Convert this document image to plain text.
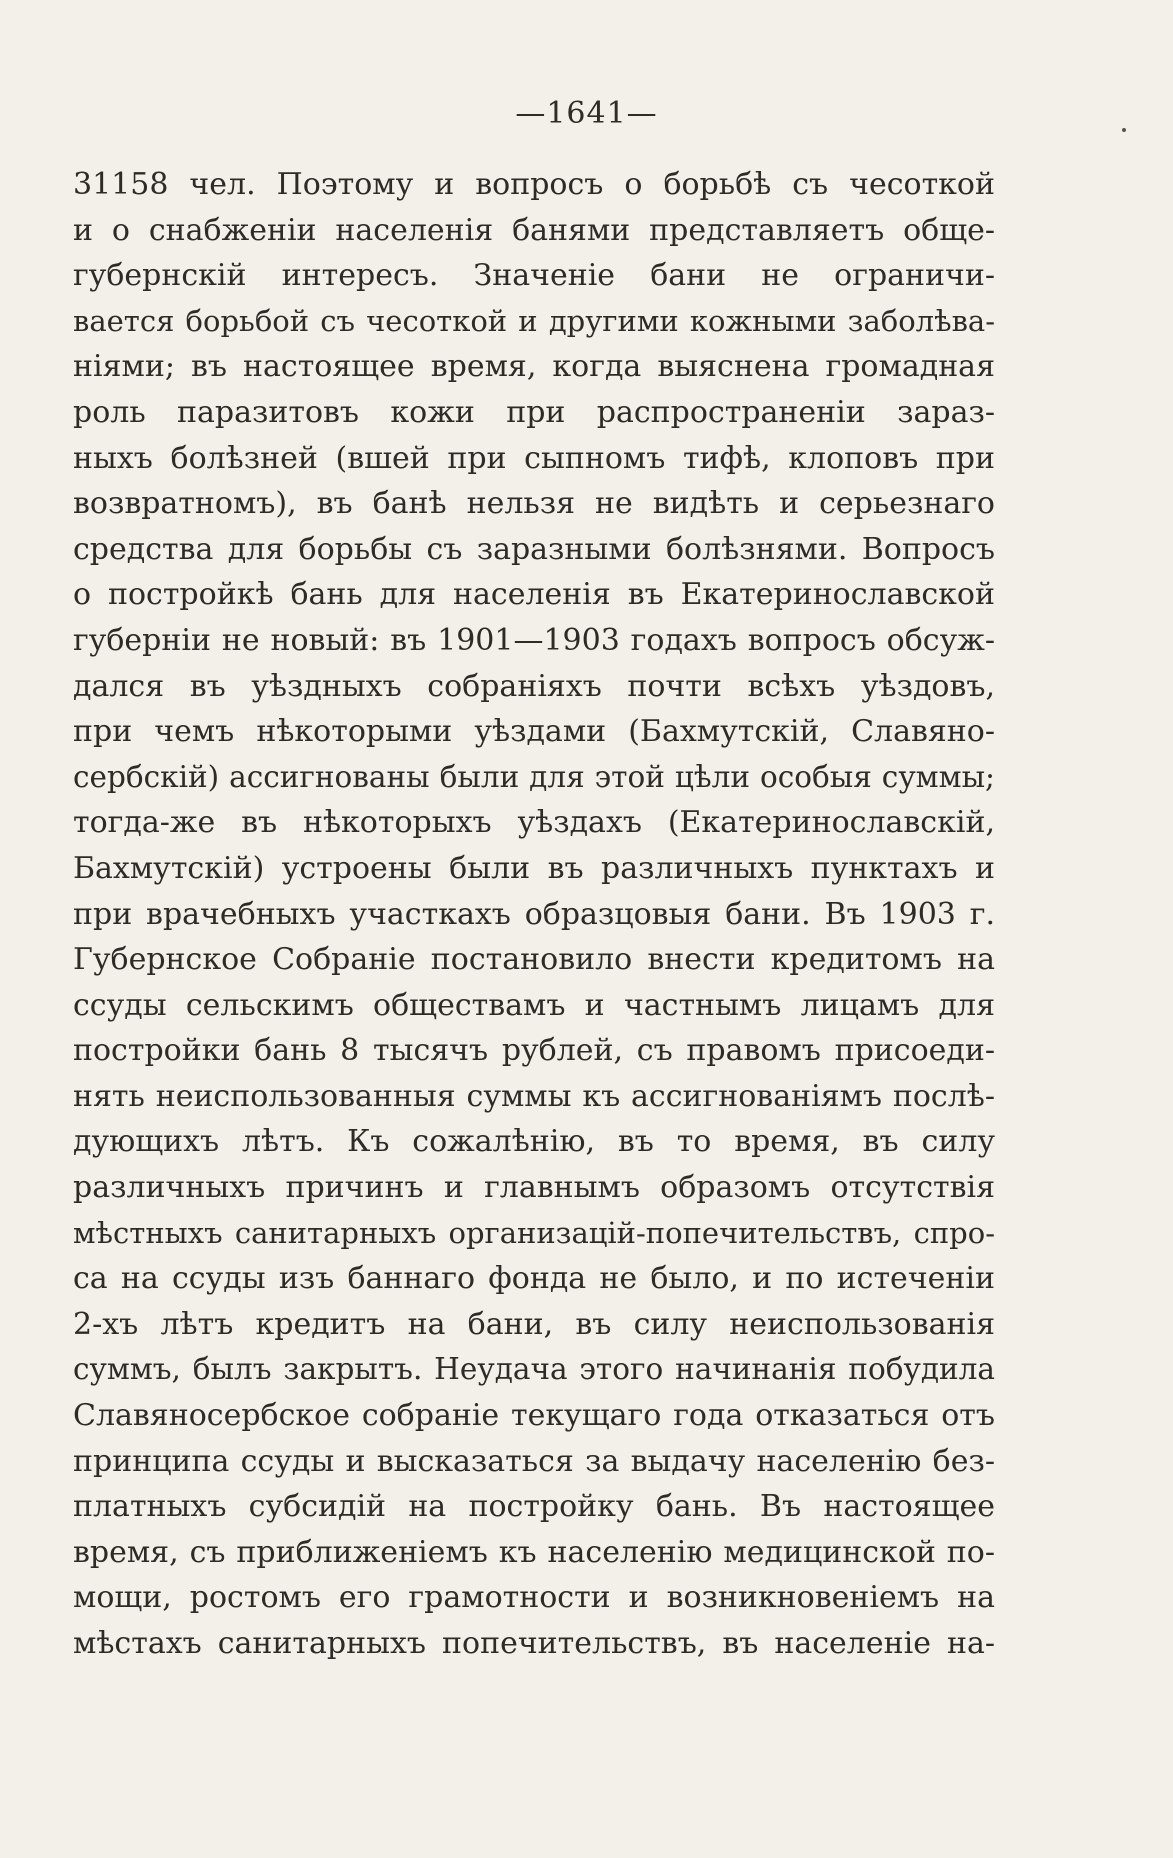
—1641—
31158 чел. Поэтому и вопросъ о борьбѣ съ чесоткой
и о снабженіи населенія банями представляетъ обще-
губернскій интересъ. Значеніе бани не ограничи-
вается борьбой съ чесоткой и другими кожными заболѣва-
ніями; въ настоящее время, когда выяснена громадная
роль паразитовъ кожи при распространеніи зараз-
ныхъ болѣзней (вшей при сыпномъ тифѣ, клоповъ при
возвратномъ), въ банѣ нельзя не видѣть и серьезнаго
средства для борьбы съ заразными болѣзнями. Вопросъ
о постройкѣ бань для населенія въ Екатеринославской
губерніи не новый: въ 1901—1903 годахъ вопросъ обсуж-
дался въ уѣздныхъ собраніяхъ почти всѣхъ уѣздовъ,
при чемъ нѣкоторыми уѣздами (Бахмутскій, Славяно-
сербскій) ассигнованы были для этой цѣли особыя суммы;
тогда-же въ нѣкоторыхъ уѣздахъ (Екатеринославскій,
Бахмутскій) устроены были въ различныхъ пунктахъ и
при врачебныхъ участкахъ образцовыя бани. Въ 1903 г.
Губернское Собраніе постановило внести кредитомъ на
ссуды сельскимъ обществамъ и частнымъ лицамъ для
постройки бань 8 тысячъ рублей, съ правомъ присоеди-
нять неиспользованныя суммы къ ассигнованіямъ послѣ-
дующихъ лѣтъ. Къ сожалѣнію, въ то время, въ силу
различныхъ причинъ и главнымъ образомъ отсутствія
мѣстныхъ санитарныхъ организацій-попечительствъ, спро-
са на ссуды изъ баннаго фонда не было, и по истеченіи
2-хъ лѣтъ кредитъ на бани, въ силу неиспользованія
суммъ, былъ закрытъ. Неудача этого начинанія побудила
Славяносербское собраніе текущаго года отказаться отъ
принципа ссуды и высказаться за выдачу населенію без-
платныхъ субсидій на постройку бань. Въ настоящее
время, съ приближеніемъ къ населенію медицинской по-
мощи, ростомъ его грамотности и возникновеніемъ на
мѣстахъ санитарныхъ попечительствъ, въ населеніе на-
